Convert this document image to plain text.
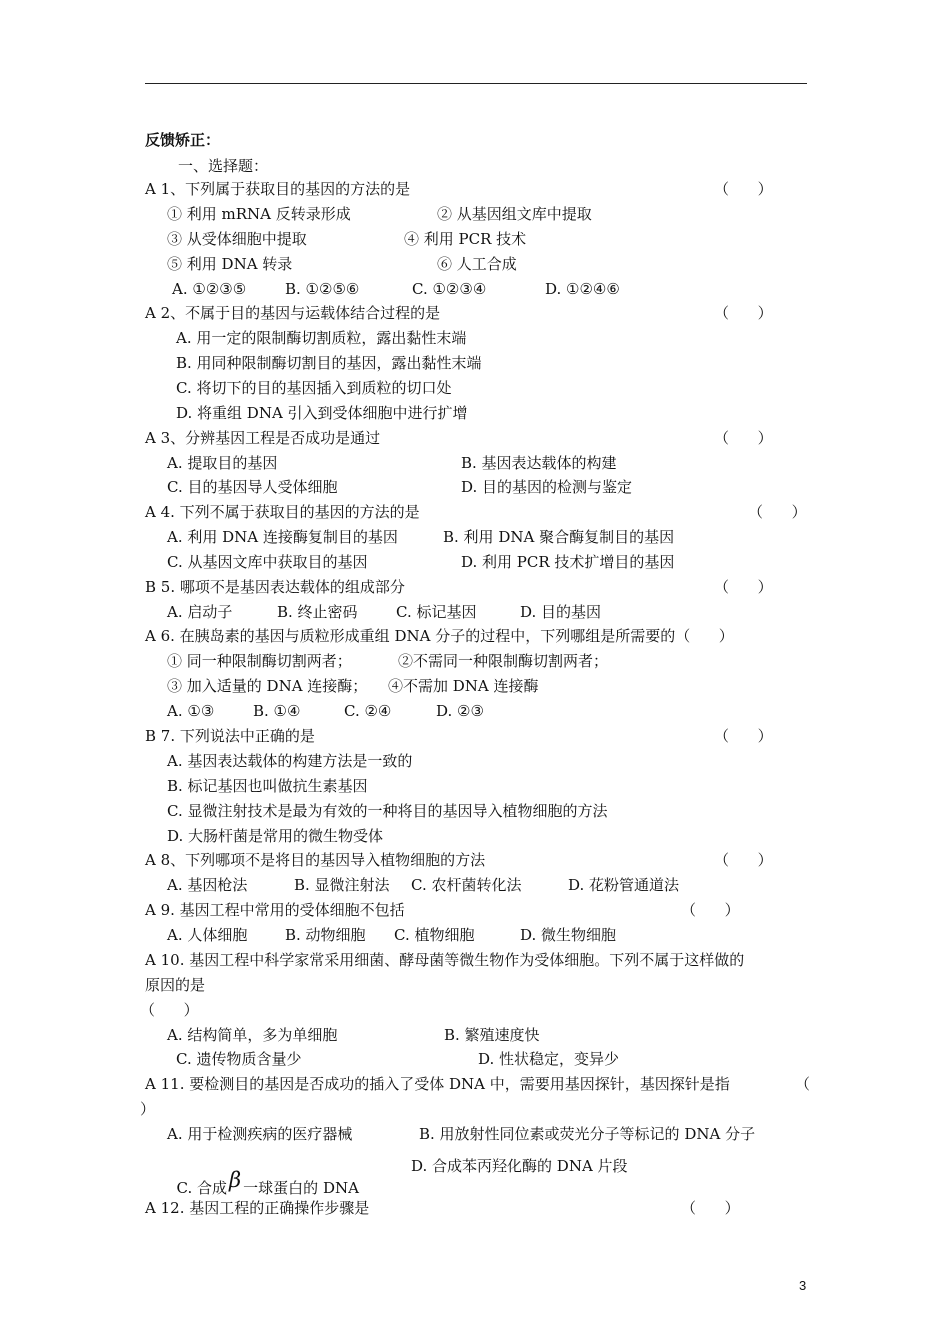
反馈矫正：
一、选择题：
A 1、下列属于获取目的基因的方法的是	（      ）
① 利用 mRNA 反转录形成	② 从基因组文库中提取
③ 从受体细胞中提取	④ 利用 PCR 技术
⑤ 利用 DNA 转录	⑥ 人工合成
A. ①②③⑤	B. ①②⑤⑥	C. ①②③④	D. ①②④⑥
A 2、不属于目的基因与运载体结合过程的是	（      ）
A. 用一定的限制酶切割质粒，露出黏性末端
B. 用同种限制酶切割目的基因，露出黏性末端
C. 将切下的目的基因插入到质粒的切口处
D. 将重组 DNA 引入到受体细胞中进行扩增
A 3、分辨基因工程是否成功是通过	（      ）
A. 提取目的基因	B. 基因表达载体的构建
C. 目的基因导人受体细胞	D. 目的基因的检测与鉴定
A 4. 下列不属于获取目的基因的方法的是	（      ）
A. 利用 DNA 连接酶复制目的基因	B. 利用 DNA 聚合酶复制目的基因
C. 从基因文库中获取目的基因	D. 利用 PCR 技术扩增目的基因
B 5. 哪项不是基因表达载体的组成部分	（      ）
A. 启动子	B. 终止密码	C. 标记基因	D. 目的基因
A 6. 在胰岛素的基因与质粒形成重组 DNA 分子的过程中，下列哪组是所需要的（      ）
① 同一种限制酶切割两者；	②不需同一种限制酶切割两者；
③ 加入适量的 DNA 连接酶； ④不需加 DNA 连接酶
A. ①③	B. ①④	C. ②④	D. ②③
B 7. 下列说法中正确的是	（      ）
A. 基因表达载体的构建方法是一致的
B. 标记基因也叫做抗生素基因
C. 显微注射技术是最为有效的一种将目的基因导入植物细胞的方法
D. 大肠杆菌是常用的微生物受体
A 8、下列哪项不是将目的基因导入植物细胞的方法	（      ）
A. 基因枪法	B. 显微注射法 C. 农杆菌转化法	D. 花粉管通道法
A 9. 基因工程中常用的受体细胞不包括	（      ）
A. 人体细胞	B. 动物细胞 C. 植物细胞	D. 微生物细胞
A 10. 基因工程中科学家常采用细菌、酵母菌等微生物作为受体细胞。下列不属于这样做的
原因的是
（      ）
A. 结构简单，多为单细胞	B. 繁殖速度快
C. 遗传物质含量少	D. 性状稳定，变异少
A 11. 要检测目的基因是否成功的插入了受体 DNA 中，需要用基因探针，基因探针是指	（
）
A. 用于检测疾病的医疗器械	B. 用放射性同位素或荧光分子等标记的 DNA 分子

C. 合成β 一球蛋白的 DNA

D. 合成苯丙羟化酶的 DNA 片段
A 12. 基因工程的正确操作步骤是	（      ）
3
